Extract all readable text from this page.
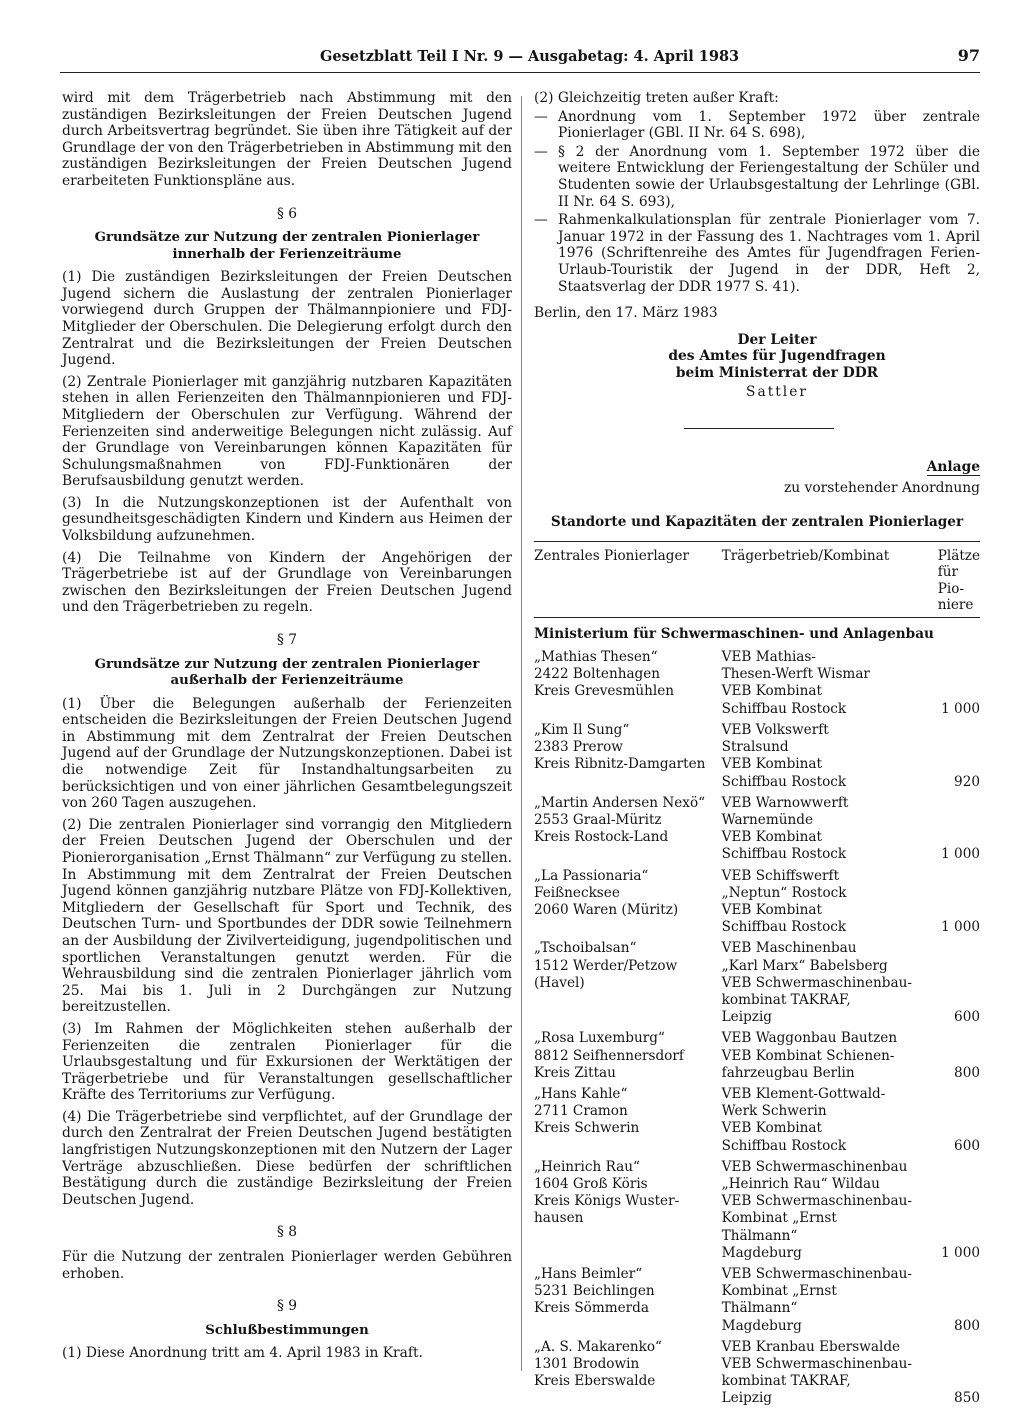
Gesetzblatt Teil I Nr. 9 — Ausgabetag: 4. April 1983	97

wird mit dem Trägerbetrieb nach Abstimmung mit den zuständigen Bezirksleitungen der Freien Deutschen Jugend durch Arbeitsvertrag begründet. Sie üben ihre Tätigkeit auf der Grundlage der von den Trägerbetrieben in Abstimmung mit den zuständigen Bezirksleitungen der Freien Deutschen Jugend erarbeiteten Funktionspläne aus.

§ 6
Grundsätze zur Nutzung der zentralen Pionierlager innerhalb der Ferienzeiträume

(1) Die zuständigen Bezirksleitungen der Freien Deutschen Jugend sichern die Auslastung der zentralen Pionierlager vorwiegend durch Gruppen der Thälmannpioniere und FDJ-Mitglieder der Oberschulen. Die Delegierung erfolgt durch den Zentralrat und die Bezirksleitungen der Freien Deutschen Jugend.

(2) Zentrale Pionierlager mit ganzjährig nutzbaren Kapazitäten stehen in allen Ferienzeiten den Thälmannpionieren und FDJ-Mitgliedern der Oberschulen zur Verfügung. Während der Ferienzeiten sind anderweitige Belegungen nicht zulässig. Auf der Grundlage von Vereinbarungen können Kapazitäten für Schulungsmaßnahmen von FDJ-Funktionären der Berufsausbildung genutzt werden.

(3) In die Nutzungskonzeptionen ist der Aufenthalt von gesundheitsgeschädigten Kindern und Kindern aus Heimen der Volksbildung aufzunehmen.

(4) Die Teilnahme von Kindern der Angehörigen der Trägerbetriebe ist auf der Grundlage von Vereinbarungen zwischen den Bezirksleitungen der Freien Deutschen Jugend und den Trägerbetrieben zu regeln.

§ 7
Grundsätze zur Nutzung der zentralen Pionierlager außerhalb der Ferienzeiträume

(1) Über die Belegungen außerhalb der Ferienzeiten entscheiden die Bezirksleitungen der Freien Deutschen Jugend in Abstimmung mit dem Zentralrat der Freien Deutschen Jugend auf der Grundlage der Nutzungskonzeptionen. Dabei ist die notwendige Zeit für Instandhaltungsarbeiten zu berücksichtigen und von einer jährlichen Gesamtbelegungszeit von 260 Tagen auszugehen.

(2) Die zentralen Pionierlager sind vorrangig den Mitgliedern der Freien Deutschen Jugend der Oberschulen und der Pionierorganisation „Ernst Thälmann“ zur Verfügung zu stellen. In Abstimmung mit dem Zentralrat der Freien Deutschen Jugend können ganzjährig nutzbare Plätze von FDJ-Kollektiven, Mitgliedern der Gesellschaft für Sport und Technik, des Deutschen Turn- und Sportbundes der DDR sowie Teilnehmern an der Ausbildung der Zivilverteidigung, jugendpolitischen und sportlichen Veranstaltungen genutzt werden. Für die Wehrausbildung sind die zentralen Pionierlager jährlich vom 25. Mai bis 1. Juli in 2 Durchgängen zur Nutzung bereitzustellen.

(3) Im Rahmen der Möglichkeiten stehen außerhalb der Ferienzeiten die zentralen Pionierlager für die Urlaubsgestaltung und für Exkursionen der Werktätigen der Trägerbetriebe und für Veranstaltungen gesellschaftlicher Kräfte des Territoriums zur Verfügung.

(4) Die Trägerbetriebe sind verpflichtet, auf der Grundlage der durch den Zentralrat der Freien Deutschen Jugend bestätigten langfristigen Nutzungskonzeptionen mit den Nutzern der Lager Verträge abzuschließen. Diese bedürfen der schriftlichen Bestätigung durch die zuständige Bezirksleitung der Freien Deutschen Jugend.

§ 8

Für die Nutzung der zentralen Pionierlager werden Gebühren erhoben.

§ 9
Schlußbestimmungen

(1) Diese Anordnung tritt am 4. April 1983 in Kraft.

(2) Gleichzeitig treten außer Kraft:

— Anordnung vom 1. September 1972 über zentrale Pionierlager (GBl. II Nr. 64 S. 698),
— § 2 der Anordnung vom 1. September 1972 über die weitere Entwicklung der Feriengestaltung der Schüler und Studenten sowie der Urlaubsgestaltung der Lehrlinge (GBl. II Nr. 64 S. 693),
— Rahmenkalkulationsplan für zentrale Pionierlager vom 7. Januar 1972 in der Fassung des 1. Nachtrages vom 1. April 1976 (Schriftenreihe des Amtes für Jugendfragen Ferien-Urlaub-Touristik der Jugend in der DDR, Heft 2, Staatsverlag der DDR 1977 S. 41).

Berlin, den 17. März 1983

Der Leiter
des Amtes für Jugendfragen
beim Ministerrat der DDR
Sattler
Anlage
zu vorstehender Anordnung
Standorte und Kapazitäten der zentralen Pionierlager
Zentrales Pionierlager	Trägerbetrieb/Kombinat	Plätze
für
Pio-
niere

Ministerium für Schwermaschinen- und Anlagenbau		

„Mathias Thesen“
2422 Boltenhagen
Kreis Grevesmühlen	VEB Mathias-
Thesen-Werft Wismar
VEB Kombinat
Schiffbau Rostock	1 000

„Kim Il Sung“
2383 Prerow
Kreis Ribnitz-Damgarten	VEB Volkswerft
Stralsund
VEB Kombinat
Schiffbau Rostock	920

„Martin Andersen Nexö“
2553 Graal-Müritz
Kreis Rostock-Land	VEB Warnowwerft
Warnemünde
VEB Kombinat
Schiffbau Rostock	1 000

„La Passionaria“
Feißnecksee
2060 Waren (Müritz)	VEB Schiffswerft
„Neptun“ Rostock
VEB Kombinat
Schiffbau Rostock	1 000

„Tschoibalsan“
1512 Werder/Petzow
(Havel)	VEB Maschinenbau
„Karl Marx“ Babelsberg
VEB Schwermaschinenbau-
kombinat TAKRAF,
Leipzig	600

„Rosa Luxemburg“
8812 Seifhennersdorf
Kreis Zittau	VEB Waggonbau Bautzen
VEB Kombinat Schienen-
fahrzeugbau Berlin	800

„Hans Kahle“
2711 Cramon
Kreis Schwerin	VEB Klement-Gottwald-
Werk Schwerin
VEB Kombinat
Schiffbau Rostock	600

„Heinrich Rau“
1604 Groß Köris
Kreis Königs Wuster-
hausen	VEB Schwermaschinenbau
„Heinrich Rau“ Wildau
VEB Schwermaschinenbau-
Kombinat „Ernst Thälmann“
Magdeburg	1 000

„Hans Beimler“
5231 Beichlingen
Kreis Sömmerda	VEB Schwermaschinenbau-
Kombinat „Ernst Thälmann“
Magdeburg	800

„A. S. Makarenko“
1301 Brodowin
Kreis Eberswalde	VEB Kranbau Eberswalde
VEB Schwermaschinenbau-
kombinat TAKRAF,
Leipzig	850
